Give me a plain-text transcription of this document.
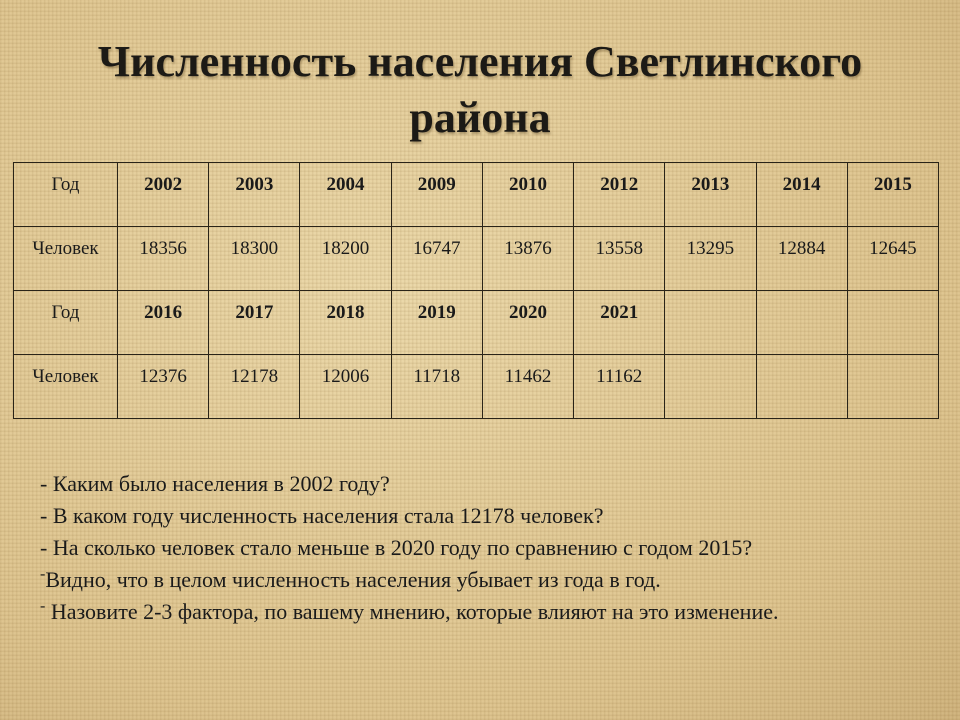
Численность населения Светлинского
района
Год	2002	2003	2004	2009	2010	2012	2013	2014	2015
Человек	18356	18300	18200	16747	13876	13558	13295	12884	12645
Год	2016	2017	2018	2019	2020	2021			
Человек	12376	12178	12006	11718	11462	11162			

- Каким было населения в 2002 году?

- В каком году численность населения стала 12178 человек?

- На сколько человек стало меньше в 2020 году по сравнению с годом 2015?

-Видно, что в целом численность населения убывает из года в год.

- Назовите 2-3 фактора, по вашему мнению, которые влияют на это изменение.
